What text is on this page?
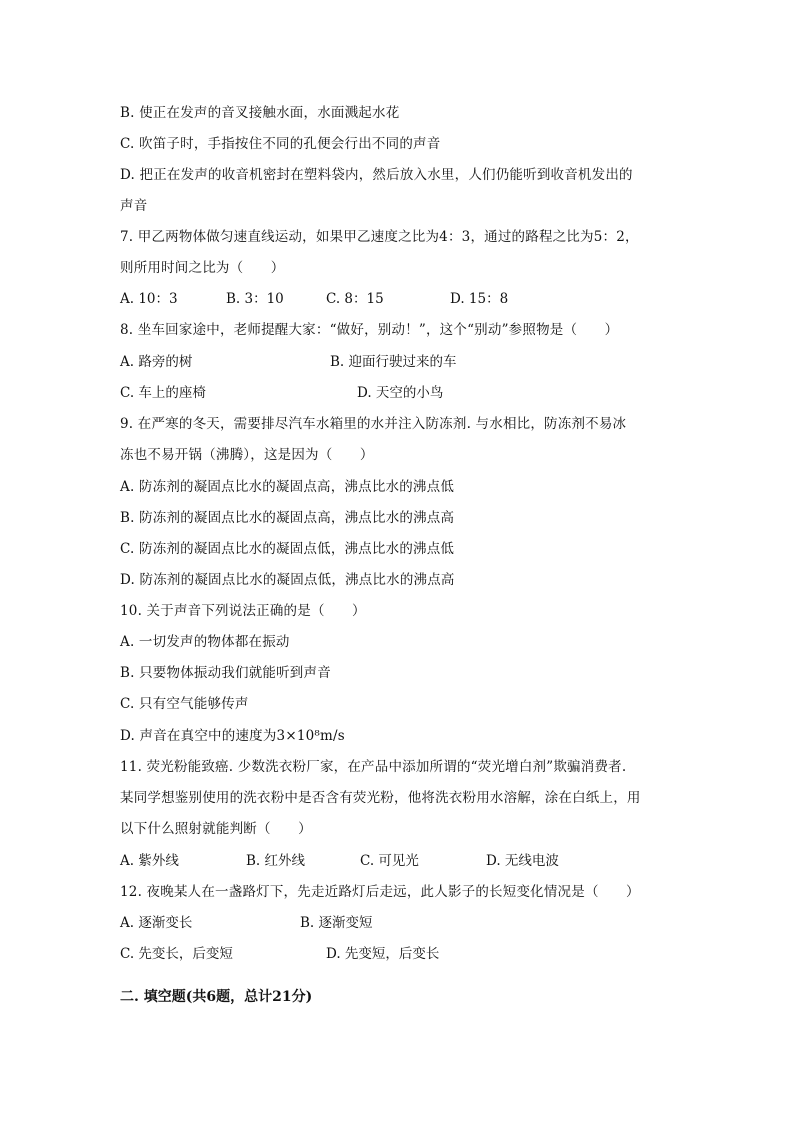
B. 使正在发声的音叉接触水面，水面溅起水花
C. 吹笛子时，手指按住不同的孔便会行出不同的声音
D. 把正在发声的收音机密封在塑料袋内，然后放入水里，人们仍能听到收音机发出的
声音
7. 甲乙两物体做匀速直线运动，如果甲乙速度之比为4：3，通过的路程之比为5：2，
则所用时间之比为（　　）
A. 10：3	B. 3：10	C. 8：15	D. 15：8
8. 坐车回家途中，老师提醒大家：“做好，别动！”，这个“别动”参照物是（　　）
A. 路旁的树	B. 迎面行驶过来的车
C. 车上的座椅	D. 天空的小鸟
9. 在严寒的冬天，需要排尽汽车水箱里的水并注入防冻剂. 与水相比，防冻剂不易冰
冻也不易开锅（沸腾），这是因为（　　）
A. 防冻剂的凝固点比水的凝固点高，沸点比水的沸点低
B. 防冻剂的凝固点比水的凝固点高，沸点比水的沸点高
C. 防冻剂的凝固点比水的凝固点低，沸点比水的沸点低
D. 防冻剂的凝固点比水的凝固点低，沸点比水的沸点高
10. 关于声音下列说法正确的是（　　）
A. 一切发声的物体都在振动
B. 只要物体振动我们就能听到声音
C. 只有空气能够传声
D. 声音在真空中的速度为3×10⁸m/s
11. 荧光粉能致癌. 少数洗衣粉厂家，在产品中添加所谓的“荧光增白剂”欺骗消费者.
某同学想鉴别使用的洗衣粉中是否含有荧光粉，他将洗衣粉用水溶解，涂在白纸上，用
以下什么照射就能判断（　　）
A. 紫外线	B. 红外线	C. 可见光	D. 无线电波
12. 夜晚某人在一盏路灯下，先走近路灯后走远，此人影子的长短变化情况是（　　）
A. 逐渐变长	B. 逐渐变短
C. 先变长，后变短	D. 先变短，后变长
二. 填空题(共6题，总计21分)
